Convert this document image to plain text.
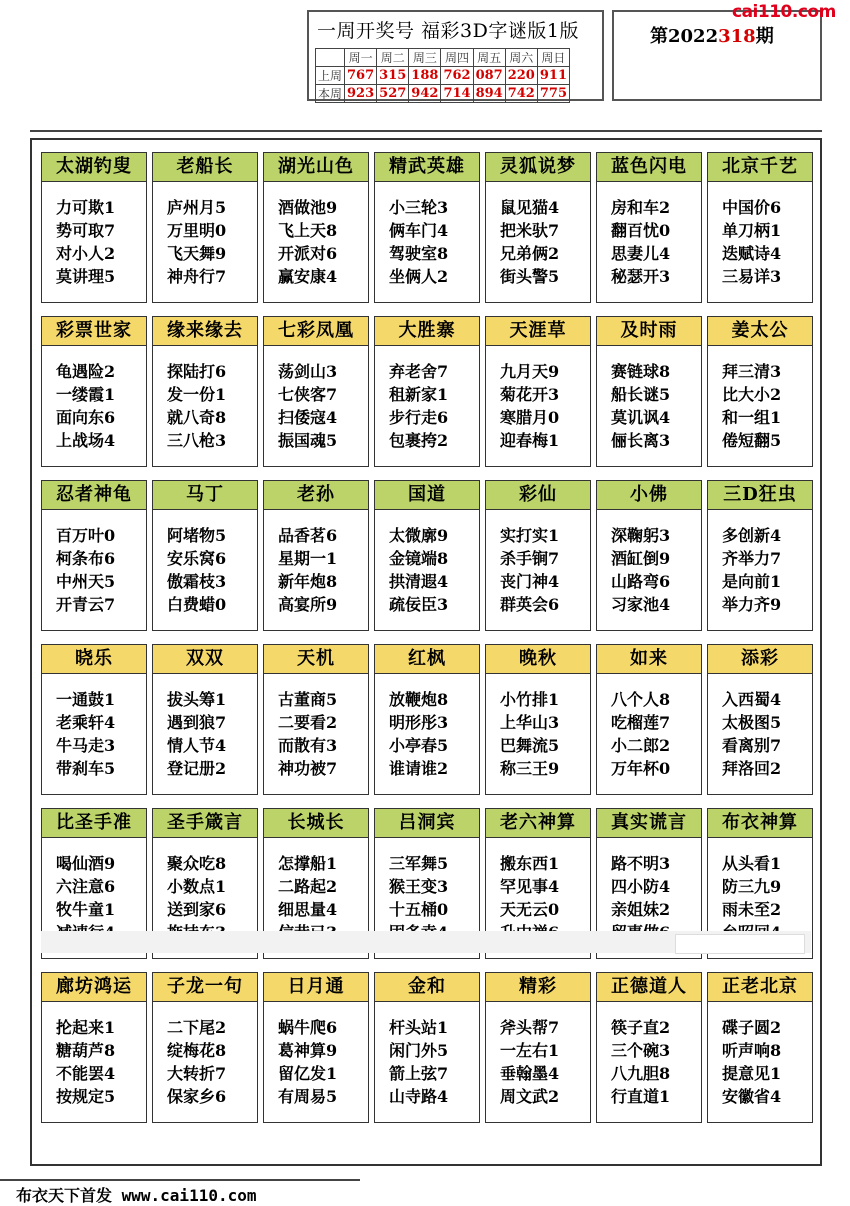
一周开奖号 福彩3D字谜版1版
	周一	周二	周三	周四	周五	周六	周日
上周	767	315	188	762	087	220	911
本周	923	527	942	714	894	742	775
第2022318期
cai110.com
太湖钓叟
力可欺1
势可取7
对小人2
莫讲理5
老船长
庐州月5
万里明0
飞天舞9
神舟行7
湖光山色
酒做池9
飞上天8
开派对6
赢安康4
精武英雄
小三轮3
俩车门4
驾驶室8
坐俩人2
灵狐说梦
鼠见猫4
把米驮7
兄弟俩2
街头警5
蓝色闪电
房和车2
翻百忧0
思妻儿4
秘瑟开3
北京千艺
中国价6
单刀柄1
迭赋诗4
三易详3
彩票世家
龟遇险2
一缕霞1
面向东6
上战场4
缘来缘去
探陆打6
发一份1
就八奇8
三八枪3
七彩凤凰
荡剑山3
七侠客7
扫倭寇4
振国魂5
大胜寨
弃老舍7
租新家1
步行走6
包裹挎2
天涯草
九月天9
菊花开3
寒腊月0
迎春梅1
及时雨
赛链球8
船长谜5
莫讥讽4
俪长离3
姜太公
拜三清3
比大小2
和一组1
倦短翻5
忍者神龟
百万叶0
柯条布6
中州天5
开青云7
马丁
阿堵物5
安乐窝6
傲霜枝3
白费蜡0
老孙
品香茗6
星期一1
新年炮8
高宴所9
国道
太微廓9
金镜端8
拱清遐4
疏佞臣3
彩仙
实打实1
杀手锏7
丧门神4
群英会6
小佛
深鞠躬3
酒缸倒9
山路弯6
习家池4
三D狂虫
多创新4
齐举力7
是向前1
举力齐9
晓乐
一通鼓1
老乘轩4
牛马走3
带刹车5
双双
拔头筹1
遇到狼7
情人节4
登记册2
天机
古董商5
二要看2
而散有3
神功被7
红枫
放鞭炮8
明形彤3
小亭春5
谁请谁2
晚秋
小竹排1
上华山3
巴舞流5
称三王9
如来
八个人8
吃榴莲7
小二郎2
万年杯0
添彩
入西蜀4
太极图5
看离别7
拜洛回2
比圣手准
喝仙酒9
六注意6
牧牛童1
圣手箴言
聚众吃8
小数点1
送到家6
长城长
怎撑船1
二路起2
细思量4
吕洞宾
三军舞5
猴王变3
十五桶0
老六神算
搬东西1
罕见事4
天无云0
真实谎言
路不明3
四小防4
亲姐妹2
布衣神算
从头看1
防三九9
雨未至2
廊坊鸿运
抡起来1
糖葫芦8
不能罢4
按规定5
子龙一句
二下尾2
绽梅花8
大转折7
保家乡6
日月通
蜗牛爬6
葛神算9
留亿发1
有周易5
金和
杆头站1
闲门外5
箭上弦7
山寺路4
精彩
斧头帮7
一左右1
垂翰墨4
周文武2
正德道人
筷子直2
三个碗3
八九胆8
行直道1
正老北京
碟子圆2
听声响8
提意见1
安徽省4
布衣天下首发 www.cai110.com
